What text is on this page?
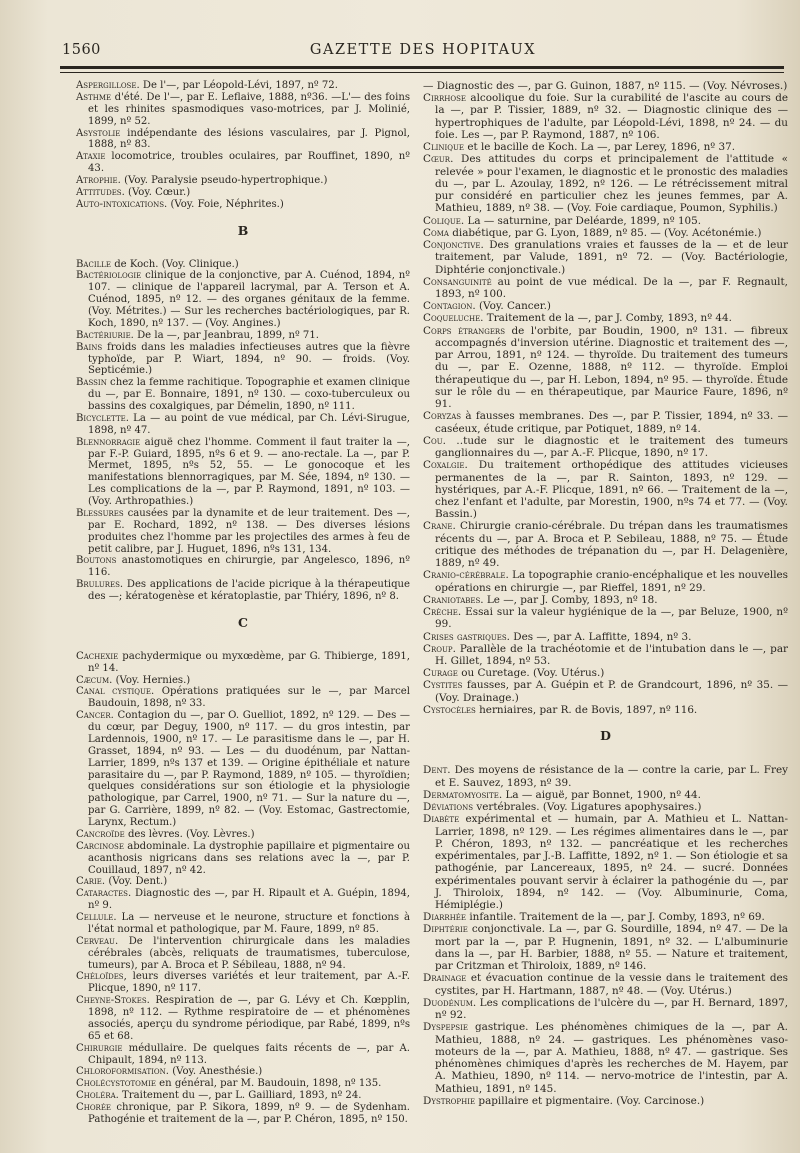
1560	GAZETTE DES HOPITAUX

Aspergillose. De l'—, par Léopold-Lévi, 1897, nº 72.

Asthme d'été. De l'—, par E. Leflaive, 1888, nº36. —L'— des foins et les rhinites spasmodiques vaso-motrices, par J. Molinié, 1899, nº 52.

Asystolie indépendante des lésions vasculaires, par J. Pignol, 1888, nº 83.

Ataxie locomotrice, troubles oculaires, par Rouffinet, 1890, nº 43.

Atrophie. (Voy. Paralysie pseudo-hypertrophique.)

Attitudes. (Voy. Cœur.)

Auto-intoxications. (Voy. Foie, Néphrites.)

B

Bacille de Koch. (Voy. Clinique.)

Bactériologie clinique de la conjonctive, par A. Cuénod, 1894, nº 107. — clinique de l'appareil lacrymal, par A. Terson et A. Cuénod, 1895, nº 12. — des organes génitaux de la femme. (Voy. Métrites.) — Sur les recherches bactériologiques, par R. Koch, 1890, nº 137. — (Voy. Angines.)

Bactériurie. De la —, par Jeanbrau, 1899, nº 71.

Bains froids dans les maladies infectieuses autres que la fièvre typhoïde, par P. Wiart, 1894, nº 90. — froids. (Voy. Septicémie.)

Bassin chez la femme rachitique. Topographie et examen clinique du —, par E. Bonnaire, 1891, nº 130. — coxo-tuberculeux ou bassins des coxalgiques, par Démelin, 1890, nº 111.

Bicyclette. La — au point de vue médical, par Ch. Lévi-Sirugue, 1898, nº 47.

Blennorragie aiguë chez l'homme. Comment il faut traiter la —, par F.-P. Guiard, 1895, nºs 6 et 9. — ano-rectale. La —, par P. Mermet, 1895, nºs 52, 55. — Le gonocoque et les manifestations blennorragiques, par M. Sée, 1894, nº 130. — Les complications de la —, par P. Raymond, 1891, nº 103. — (Voy. Arthropathies.)

Blessures causées par la dynamite et de leur traitement. Des —, par E. Rochard, 1892, nº 138. — Des diverses lésions produites chez l'homme par les projectiles des armes à feu de petit calibre, par J. Huguet, 1896, nºs 131, 134.

Boutons anastomotiques en chirurgie, par Angelesco, 1896, nº 116.

Brulures. Des applications de l'acide picrique à la thérapeutique des —; kératogenèse et kératoplastie, par Thiéry, 1896, nº 8.

C

Cachexie pachydermique ou myxœdème, par G. Thibierge, 1891, nº 14.

Cæcum. (Voy. Hernies.)

Canal cystique. Opérations pratiquées sur le —, par Marcel Baudouin, 1898, nº 33.

Cancer. Contagion du —, par O. Guelliot, 1892, nº 129. — Des — du cœur, par Deguy, 1900, nº 117. — du gros intestin, par Lardennois, 1900, nº 17. — Le parasitisme dans le —, par H. Grasset, 1894, nº 93. — Les — du duodénum, par Nattan-Larrier, 1899, nºs 137 et 139. — Origine épithéliale et nature parasitaire du —, par P. Raymond, 1889, nº 105. — thyroïdien; quelques considérations sur son étiologie et la physiologie pathologique, par Carrel, 1900, nº 71. — Sur la nature du —, par G. Carrière, 1899, nº 82. — (Voy. Estomac, Gastrectomie, Larynx, Rectum.)

Cancroïde des lèvres. (Voy. Lèvres.)

Carcinose abdominale. La dystrophie papillaire et pigmentaire ou acanthosis nigricans dans ses relations avec la —, par P. Couillaud, 1897, nº 42.

Carie. (Voy. Dent.)

Cataractes. Diagnostic des —, par H. Ripault et A. Guépin, 1894, nº 9.

Cellule. La — nerveuse et le neurone, structure et fonctions à l'état normal et pathologique, par M. Faure, 1899, nº 85.

Cerveau. De l'intervention chirurgicale dans les maladies cérébrales (abcès, reliquats de traumatismes, tuberculose, tumeurs), par A. Broca et P. Sébileau, 1888, nº 94.

Chéloïdes, leurs diverses variétés et leur traitement, par A.-F. Plicque, 1890, nº 117.

Cheyne-Stokes. Respiration de —, par G. Lévy et Ch. Kœpplin, 1898, nº 112. — Rythme respiratoire de — et phénomènes associés, aperçu du syndrome périodique, par Rabé, 1899, nºs 65 et 68.

Chirurgie médullaire. De quelques faits récents de —, par A. Chipault, 1894, nº 113.

Chloroformisation. (Voy. Anesthésie.)

Cholécystotomie en général, par M. Baudouin, 1898, nº 135.

Choléra. Traitement du —, par L. Gailliard, 1893, nº 24.

Chorée chronique, par P. Sikora, 1899, nº 9. — de Sydenham. Pathogénie et traitement de la —, par P. Chéron, 1895, nº 150.

— Diagnostic des —, par G. Guinon, 1887, nº 115. — (Voy. Névroses.)

Cirrhose alcoolique du foie. Sur la curabilité de l'ascite au cours de la —, par P. Tissier, 1889, nº 32. — Diagnostic clinique des — hypertrophiques de l'adulte, par Léopold-Lévi, 1898, nº 24. — du foie. Les —, par P. Raymond, 1887, nº 106.

Clinique et le bacille de Koch. La —, par Lerey, 1896, nº 37.

Cœur. Des attitudes du corps et principalement de l'attitude « relevée » pour l'examen, le diagnostic et le pronostic des maladies du —, par L. Azoulay, 1892, nº 126. — Le rétrécissement mitral pur considéré en particulier chez les jeunes femmes, par A. Mathieu, 1889, nº 38. — (Voy. Foie cardiaque, Poumon, Syphilis.)

Colique. La — saturnine, par Deléarde, 1899, nº 105.

Coma diabétique, par G. Lyon, 1889, nº 85. — (Voy. Acétonémie.)

Conjonctive. Des granulations vraies et fausses de la — et de leur traitement, par Valude, 1891, nº 72. — (Voy. Bactériologie, Diphtérie conjonctivale.)

Consanguinité au point de vue médical. De la —, par F. Regnault, 1893, nº 100.

Contagion. (Voy. Cancer.)

Coqueluche. Traitement de la —, par J. Comby, 1893, nº 44.

Corps étrangers de l'orbite, par Boudin, 1900, nº 131. — fibreux accompagnés d'inversion utérine. Diagnostic et traitement des —, par Arrou, 1891, nº 124. — thyroïde. Du traitement des tumeurs du —, par E. Ozenne, 1888, nº 112. — thyroïde. Emploi thérapeutique du —, par H. Lebon, 1894, nº 95. — thyroïde. Étude sur le rôle du — en thérapeutique, par Maurice Faure, 1896, nº 91.

Coryzas à fausses membranes. Des —, par P. Tissier, 1894, nº 33. — caséeux, étude critique, par Potiquet, 1889, nº 14.

Cou. ‥tude sur le diagnostic et le traitement des tumeurs ganglionnaires du —, par A.-F. Plicque, 1890, nº 17.

Coxalgie. Du traitement orthopédique des attitudes vicieuses permanentes de la —, par R. Sainton, 1893, nº 129. — hystériques, par A.-F. Plicque, 1891, nº 66. — Traitement de la —, chez l'enfant et l'adulte, par Morestin, 1900, nºs 74 et 77. — (Voy. Bassin.)

Crane. Chirurgie cranio-cérébrale. Du trépan dans les traumatismes récents du —, par A. Broca et P. Sebileau, 1888, nº 75. — Étude critique des méthodes de trépanation du —, par H. Delagenière, 1889, nº 49.

Cranio-cérébrale. La topographie cranio-encéphalique et les nouvelles opérations en chirurgie —, par Rieffel, 1891, nº 29.

Craniotabes. Le —, par J. Comby, 1893, nº 18.

Crèche. Essai sur la valeur hygiénique de la —, par Beluze, 1900, nº 99.

Crises gastriques. Des —, par A. Laffitte, 1894, nº 3.

Croup. Parallèle de la trachéotomie et de l'intubation dans le —, par H. Gillet, 1894, nº 53.

Curage ou Curetage. (Voy. Utérus.)

Cystites fausses, par A. Guépin et P. de Grandcourt, 1896, nº 35. — (Voy. Drainage.)

Cystocèles herniaires, par R. de Bovis, 1897, nº 116.

D

Dent. Des moyens de résistance de la — contre la carie, par L. Frey et E. Sauvez, 1893, nº 39.

Dermatomyosite. La — aiguë, par Bonnet, 1900, nº 44.

Déviations vertébrales. (Voy. Ligatures apophysaires.)

Diabète expérimental et — humain, par A. Mathieu et L. Nattan-Larrier, 1898, nº 129. — Les régimes alimentaires dans le —, par P. Chéron, 1893, nº 132. — pancréatique et les recherches expérimentales, par J.-B. Laffitte, 1892, nº 1. — Son étiologie et sa pathogénie, par Lancereaux, 1895, nº 24. — sucré. Données expérimentales pouvant servir à éclairer la pathogénie du —, par J. Thiroloix, 1894, nº 142. — (Voy. Albuminurie, Coma, Hémiplégie.)

Diarrhée infantile. Traitement de la —, par J. Comby, 1893, nº 69.

Diphtérie conjonctivale. La —, par G. Sourdille, 1894, nº 47. — De la mort par la —, par P. Hugnenin, 1891, nº 32. — L'albuminurie dans la —, par H. Barbier, 1888, nº 55. — Nature et traitement, par Critzman et Thiroloix, 1889, nº 146.

Drainage et évacuation continue de la vessie dans le traitement des cystites, par H. Hartmann, 1887, nº 48. — (Voy. Utérus.)

Duodénum. Les complications de l'ulcère du —, par H. Bernard, 1897, nº 92.

Dyspepsie gastrique. Les phénomènes chimiques de la —, par A. Mathieu, 1888, nº 24. — gastriques. Les phénomènes vaso-moteurs de la —, par A. Mathieu, 1888, nº 47. — gastrique. Ses phénomènes chimiques d'après les recherches de M. Hayem, par A. Mathieu, 1890, nº 114. — nervo-motrice de l'intestin, par A. Mathieu, 1891, nº 145.

Dystrophie papillaire et pigmentaire. (Voy. Carcinose.)
